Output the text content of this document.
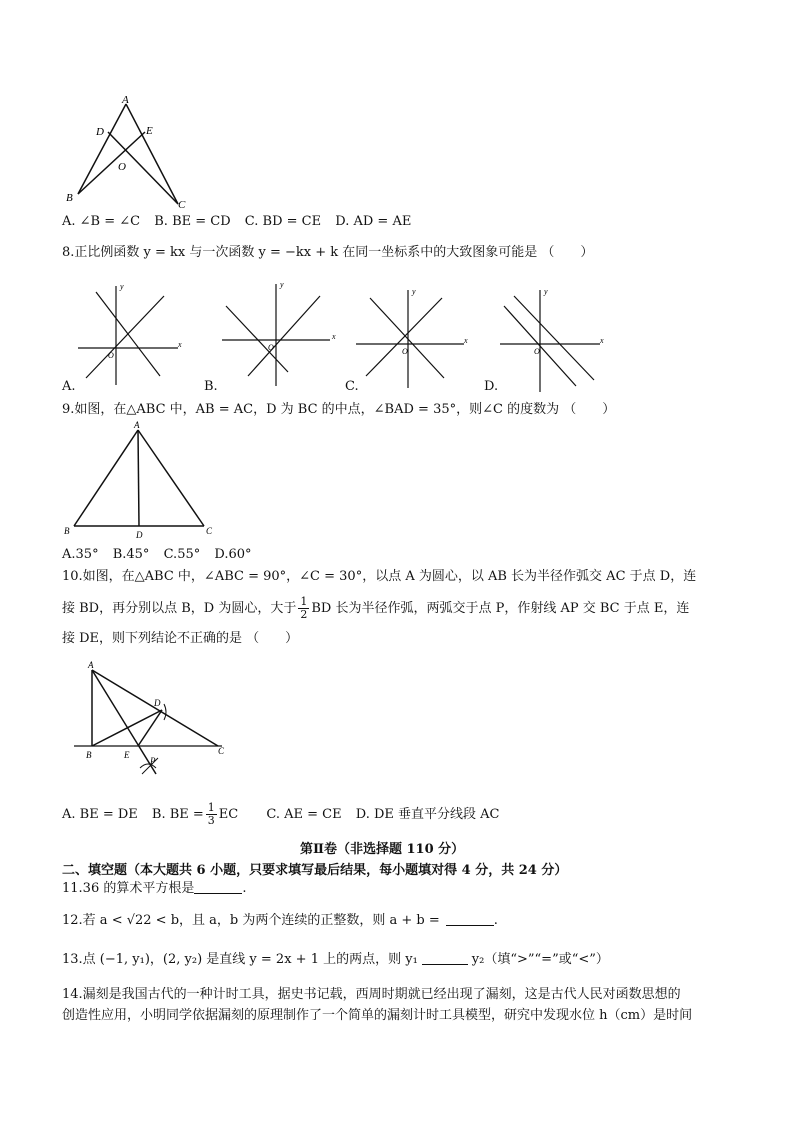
A
D	E
O
B
C
A. ∠B = ∠C B. BE = CD C. BD = CE D. AD = AE
8.正比例函数 y = kx 与一次函数 y = −kx + k 在同一坐标系中的大致图象可能是 （　　）
y
x
O
A.
y
x
O
B.
y
x
O
C.
y
x
O
D.
9.如图，在△ABC 中，AB = AC，D 为 BC 的中点，∠BAD = 35°，则∠C 的度数为 （　　）
A
B	D	C
A.35° B.45° C.55° D.60°
10.如图，在△ABC 中，∠ABC = 90°，∠C = 30°，以点 A 为圆心，以 AB 长为半径作弧交 AC 于点 D，连
接 BD，再分别以点 B，D 为圆心，大于 $\frac{1}{2}$ BD 长为半径作弧，两弧交于点 P，作射线 AP 交 BC 于点 E，连
接 DE，则下列结论不正确的是 （　　）
A
D
B	E	C
P
A. BE = DE B. BE = $\frac{1}{3}$ EC C. AE = CE D. DE 垂直平分线段 AC
第Ⅱ卷（非选择题 110 分）
二、填空题（本大题共 6 小题，只要求填写最后结果，每小题填对得 4 分，共 24 分）
11.36 的算术平方根是	.
12.若 a < √22 < b，且 a，b 为两个连续的正整数，则 a + b =	.
13.点 (−1, y₁)，(2, y₂) 是直线 y = 2x + 1 上的两点，则 y₁	y₂（填“>”“=”或“<”）
14.漏刻是我国古代的一种计时工具，据史书记载，西周时期就已经出现了漏刻，这是古代人民对函数思想的
创造性应用，小明同学依据漏刻的原理制作了一个简单的漏刻计时工具模型，研究中发现水位 h（cm）是时间
